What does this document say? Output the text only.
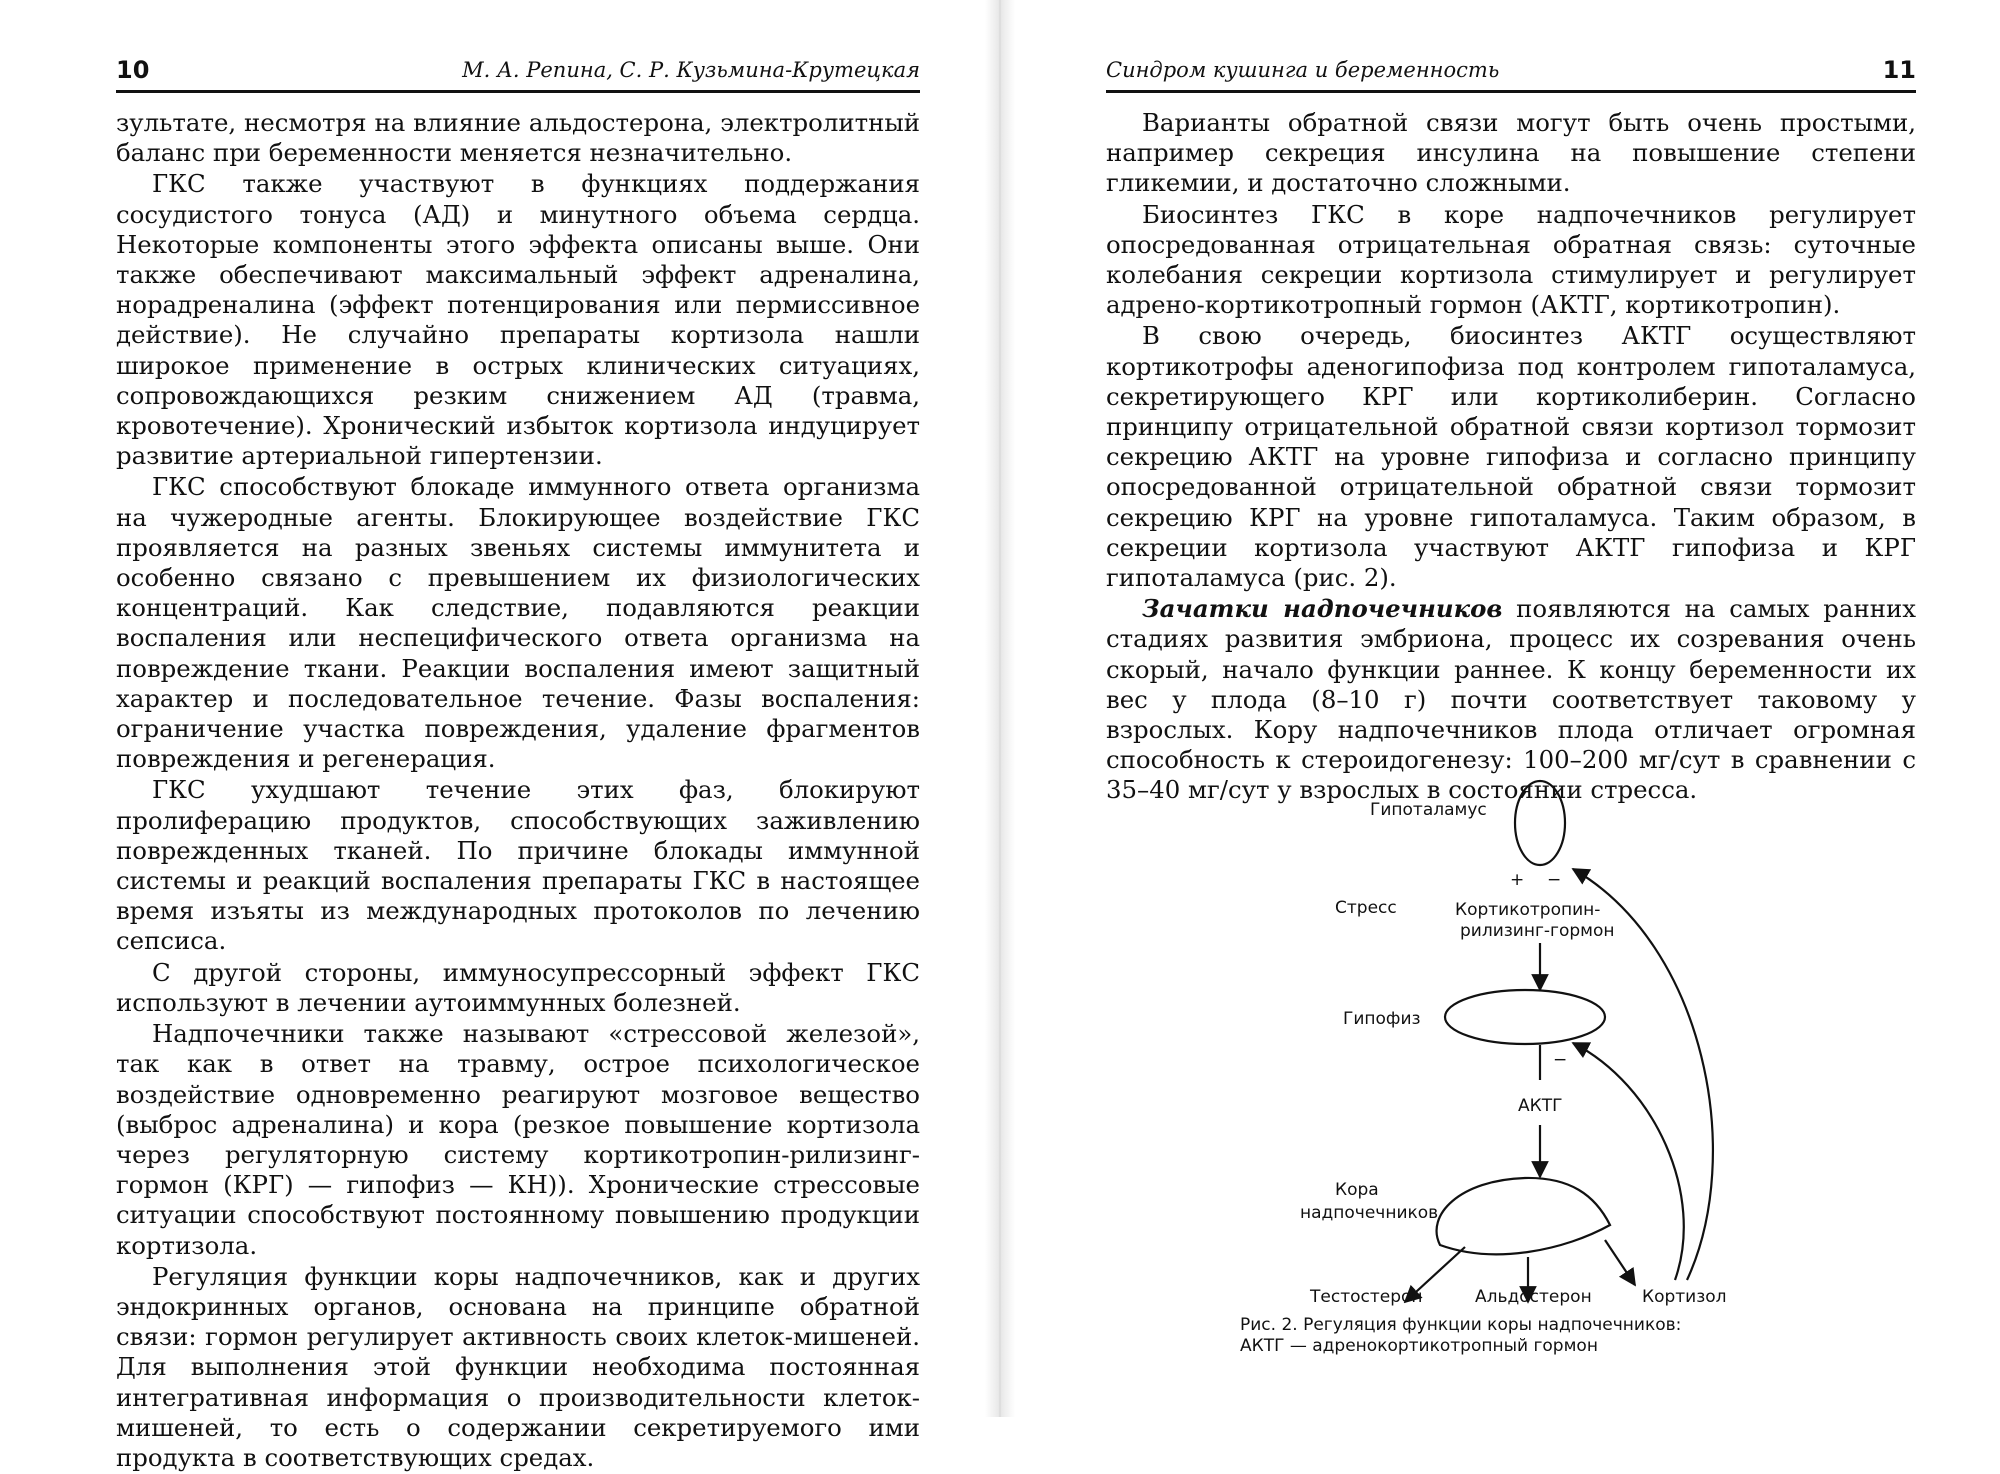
10	М. А. Репина, С. Р. Кузьмина-Крутецкая

зультате, несмотря на влияние альдостерона, электролитный баланс при беременности меняется незначительно.

ГКС также участвуют в функциях поддержания сосудистого тонуса (АД) и минутного объема сердца. Некоторые компоненты этого эффекта описаны выше. Они также обеспечивают максимальный эффект адреналина, норадреналина (эффект потенцирования или пермиссивное действие). Не случайно препараты кортизола нашли широкое применение в острых клинических ситуациях, сопровождающихся резким снижением АД (травма, кровотечение). Хронический избыток кортизола индуцирует развитие артериальной гипертензии.

ГКС способствуют блокаде иммунного ответа организма на чужеродные агенты. Блокирующее воздействие ГКС проявляется на разных звеньях системы иммунитета и особенно связано с превышением их физиологических концентраций. Как следствие, подавляются реакции воспаления или неспецифического ответа организма на повреждение ткани. Реакции воспаления имеют защитный характер и последовательное течение. Фазы воспаления: ограничение участка повреждения, удаление фрагментов повреждения и регенерация.

ГКС ухудшают течение этих фаз, блокируют пролиферацию продуктов, способствующих заживлению поврежденных тканей. По причине блокады иммунной системы и реакций воспаления препараты ГКС в настоящее время изъяты из международных протоколов по лечению сепсиса.

С другой стороны, иммуносупрессорный эффект ГКС используют в лечении аутоиммунных болезней.

Надпочечники также называют «стрессовой железой», так как в ответ на травму, острое психологическое воздействие одновременно реагируют мозговое вещество (выброс адреналина) и кора (резкое повышение кортизола через регуляторную систему кортикотропин-рилизинг-гормон (КРГ) — гипофиз — КН)). Хронические стрессовые ситуации способствуют постоянному повышению продукции кортизола.

Регуляция функции коры надпочечников, как и других эндокринных органов, основана на принципе обратной связи: гормон регулирует активность своих клеток-мишеней. Для выполнения этой функции необходима постоянная интегративная информация о производительности клеток-мишеней, то есть о содержании секретируемого ими продукта в соответствующих средах.

Синдром кушинга и беременность	11

Варианты обратной связи могут быть очень простыми, например секреция инсулина на повышение степени гликемии, и достаточно сложными.

Биосинтез ГКС в коре надпочечников регулирует опосредованная отрицательная обратная связь: суточные колебания секреции кортизола стимулирует и регулирует адрено-кортикотропный гормон (АКТГ, кортикотропин).

В свою очередь, биосинтез АКТГ осуществляют кортикотрофы аденогипофиза под контролем гипоталамуса, секретирующего КРГ или кортиколиберин. Согласно принципу отрицательной обратной связи кортизол тормозит секрецию АКТГ на уровне гипофиза и согласно принципу опосредованной отрицательной обратной связи тормозит секрецию КРГ на уровне гипоталамуса. Таким образом, в секреции кортизола участвуют АКТГ гипофиза и КРГ гипоталамуса (рис. 2).

Зачатки надпочечников появляются на самых ранних стадиях развития эмбриона, процесс их созревания очень скорый, начало функции раннее. К концу беременности их вес у плода (8–10 г) почти соответствует таковому у взрослых. Кору надпочечников плода отличает огромная способность к стероидогенезу: 100–200 мг/сут в сравнении с 35–40 мг/сут у взрослых в состоянии стресса.

Гипоталамус
+ −
Стресс	Кортикотропин-
рилизинг-гормон
Гипофиз
−
АКТГ
Кора
надпочечников
Тестостерон	Альдостерон	Кортизол
Рис. 2. Регуляция функции коры надпочечников:
АКТГ — адренокортикотропный гормон
